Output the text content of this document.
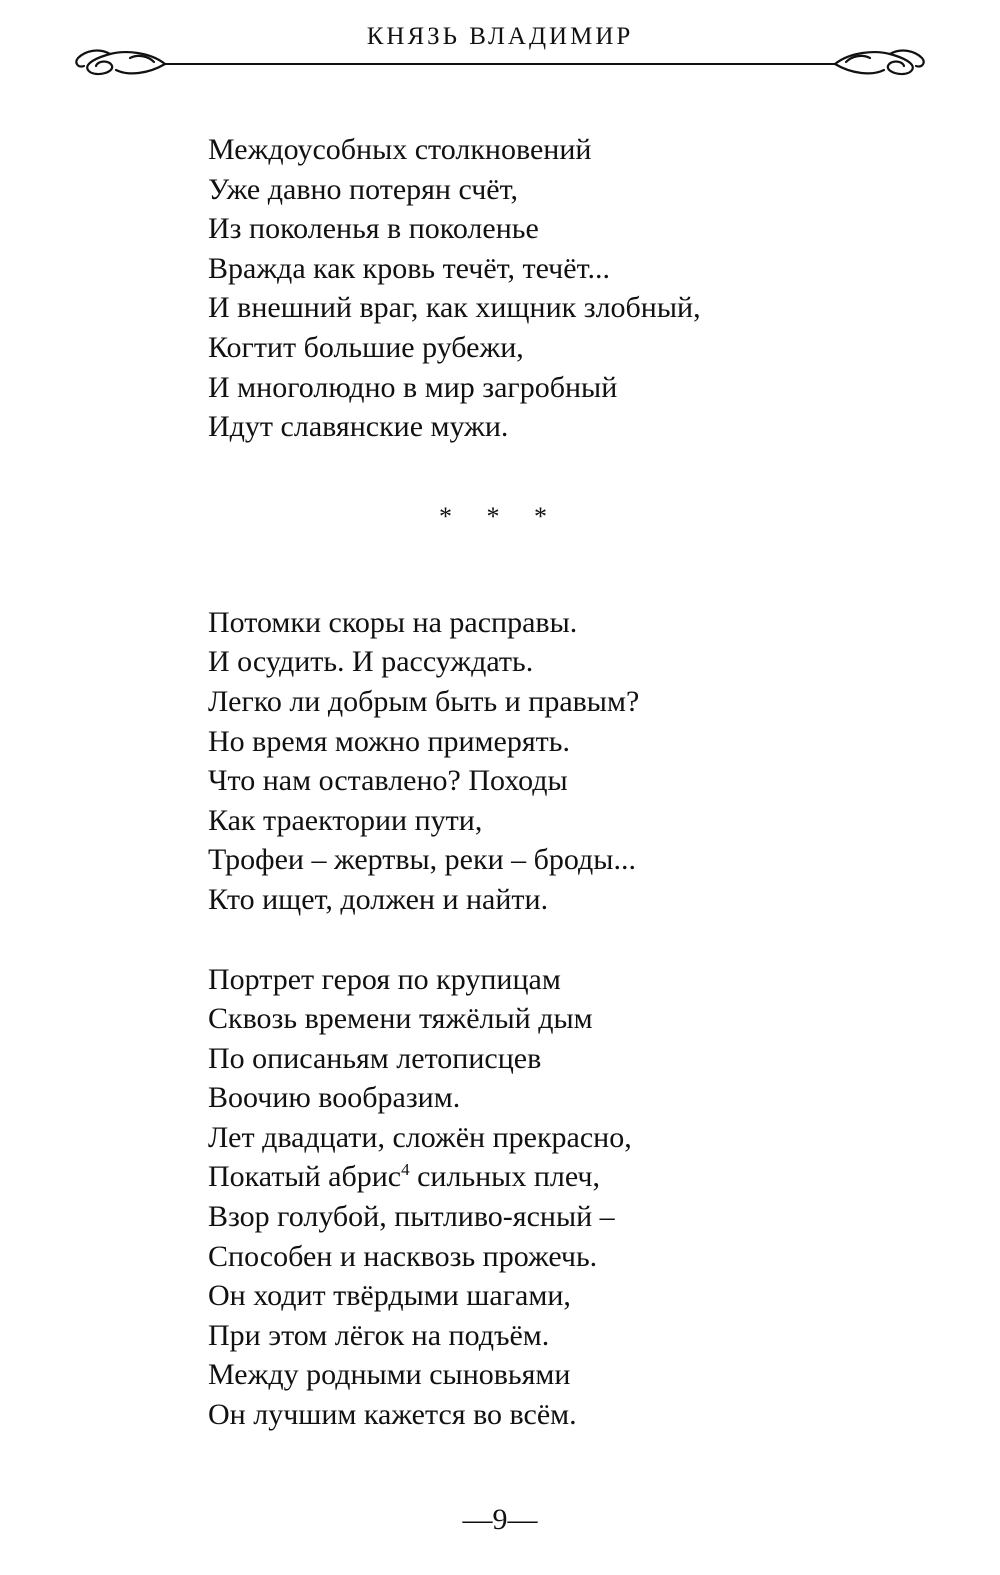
КНЯЗЬ ВЛАДИМИР
Междоусобных столкновений
Уже давно потерян счёт,
Из поколенья в поколенье
Вражда как кровь течёт, течёт...
И внешний враг, как хищник злобный,
Когтит большие рубежи,
И многолюдно в мир загробный
Идут славянские мужи.
Потомки скоры на расправы.
И осудить. И рассуждать.
Легко ли добрым быть и правым?
Но время можно примерять.
Что нам оставлено? Походы
Как траектории пути,
Трофеи – жертвы, реки – броды...
Кто ищет, должен и найти.
Портрет героя по крупицам
Сквозь времени тяжёлый дым
По описаньям летописцев
Воочию вообразим.
Лет двадцати, сложён прекрасно,
Покатый абрис$^4$ сильных плеч,
Взор голубой, пытливо-ясный –
Способен и насквозь прожечь.
Он ходит твёрдыми шагами,
При этом лёгок на подъём.
Между родными сыновьями
Он лучшим кажется во всём.
* * *
—9—
